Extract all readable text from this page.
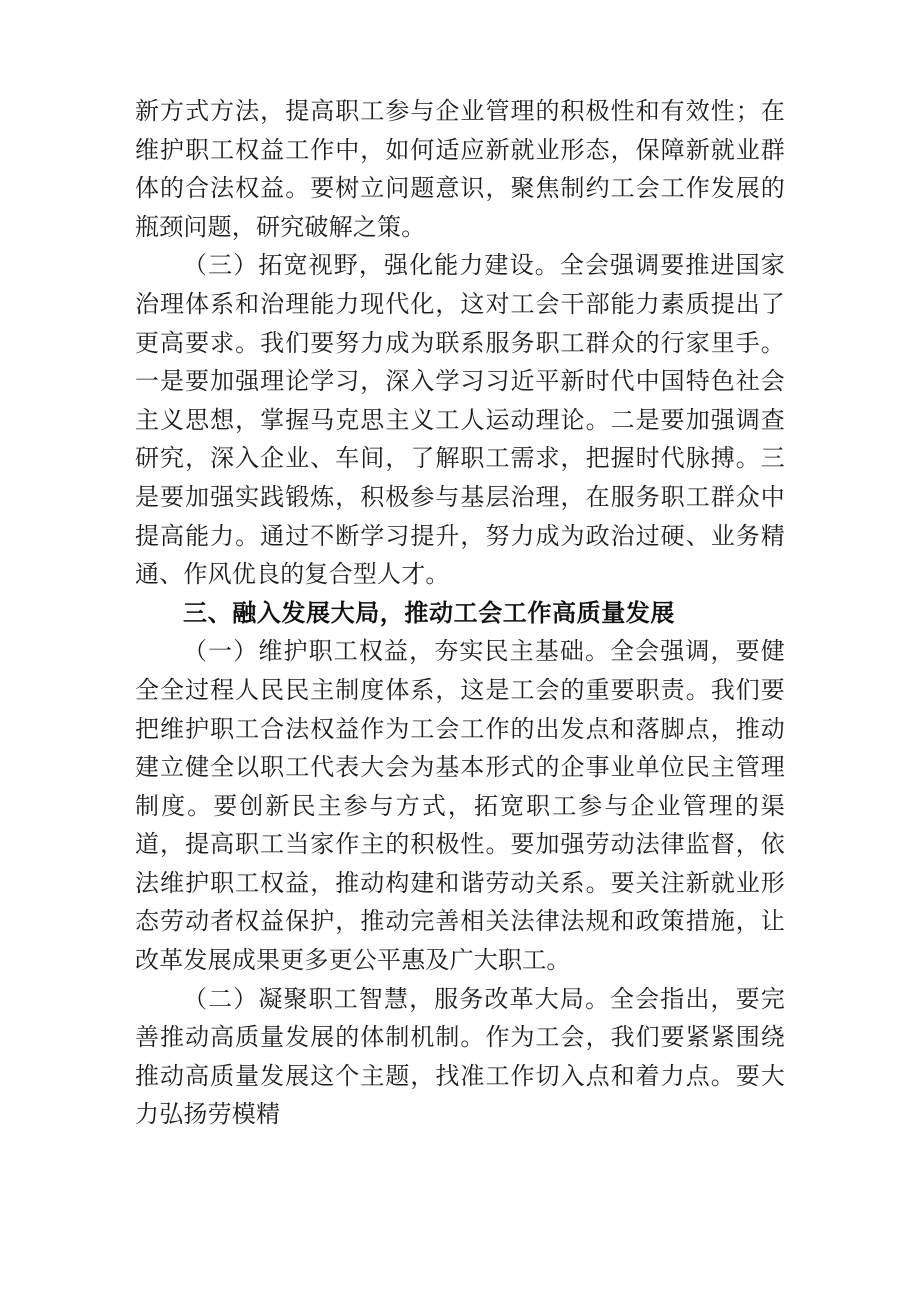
新方式方法，提高职工参与企业管理的积极性和有效性；在维护职工权益工作中，如何适应新就业形态，保障新就业群体的合法权益。要树立问题意识，聚焦制约工会工作发展的瓶颈问题，研究破解之策。

（三）拓宽视野，强化能力建设。全会强调要推进国家治理体系和治理能力现代化，这对工会干部能力素质提出了更高要求。我们要努力成为联系服务职工群众的行家里手。一是要加强理论学习，深入学习习近平新时代中国特色社会主义思想，掌握马克思主义工人运动理论。二是要加强调查研究，深入企业、车间，了解职工需求，把握时代脉搏。三是要加强实践锻炼，积极参与基层治理，在服务职工群众中提高能力。通过不断学习提升，努力成为政治过硬、业务精通、作风优良的复合型人才。

三、融入发展大局，推动工会工作高质量发展

（一）维护职工权益，夯实民主基础。全会强调，要健全全过程人民民主制度体系，这是工会的重要职责。我们要把维护职工合法权益作为工会工作的出发点和落脚点，推动建立健全以职工代表大会为基本形式的企事业单位民主管理制度。要创新民主参与方式，拓宽职工参与企业管理的渠道，提高职工当家作主的积极性。要加强劳动法律监督，依法维护职工权益，推动构建和谐劳动关系。要关注新就业形态劳动者权益保护，推动完善相关法律法规和政策措施，让改革发展成果更多更公平惠及广大职工。

（二）凝聚职工智慧，服务改革大局。全会指出，要完善推动高质量发展的体制机制。作为工会，我们要紧紧围绕推动高质量发展这个主题，找准工作切入点和着力点。要大力弘扬劳模精
